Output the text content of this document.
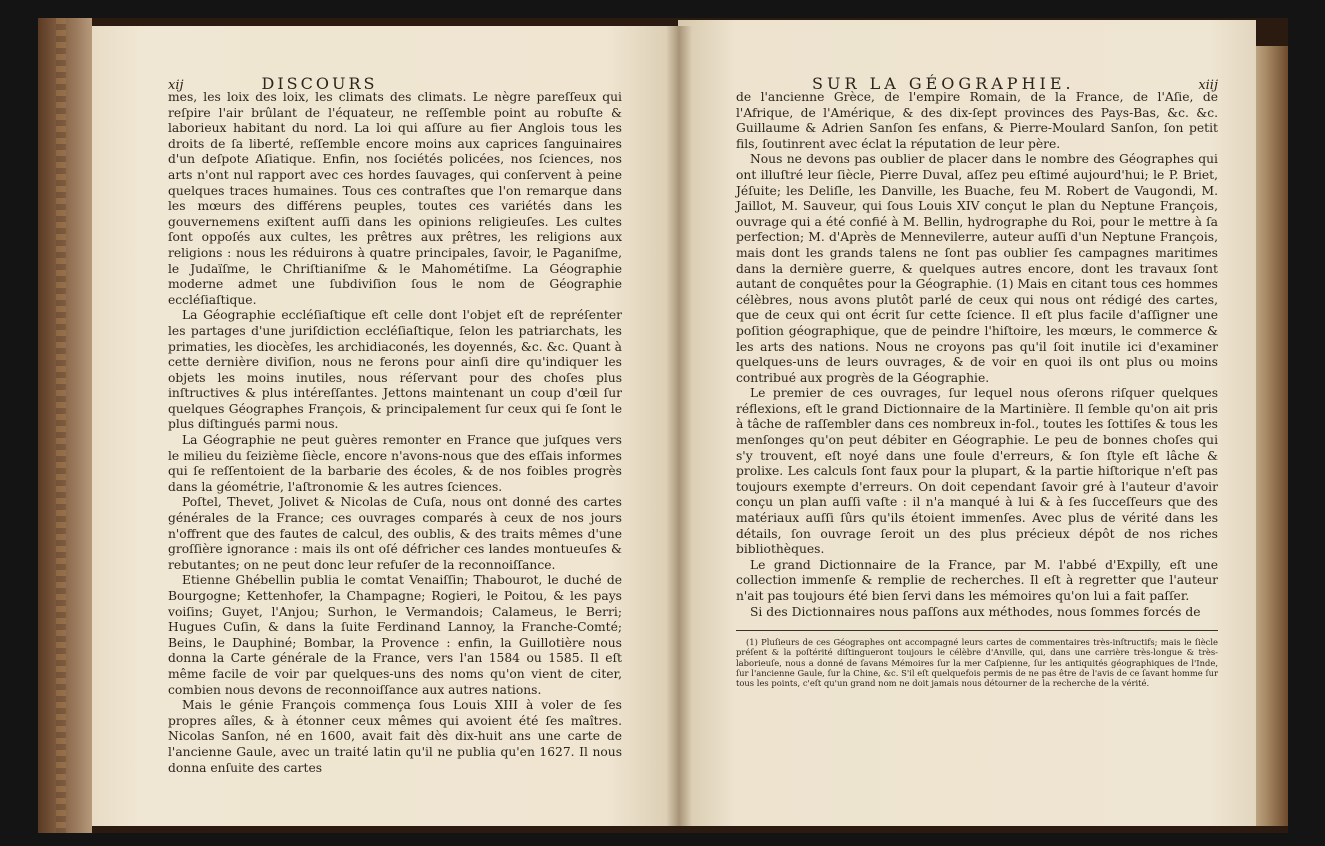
xij	DISCOURS

mes, les loix des loix, les climats des climats. Le nègre pareſſeux qui reſpire l'air brûlant de l'équateur, ne reſſemble point au robuſte & laborieux habitant du nord. La loi qui aſſure au fier Anglois tous les droits de ſa liberté, reſſemble encore moins aux caprices ſanguinaires d'un deſpote Aſiatique. Enfin, nos ſociétés policées, nos ſciences, nos arts n'ont nul rapport avec ces hordes ſauvages, qui conſervent à peine quelques traces humaines. Tous ces contraſtes que l'on remarque dans les mœurs des différens peuples, toutes ces variétés dans les gouvernemens exiſtent auſſi dans les opinions religieuſes. Les cultes ſont oppoſés aux cultes, les prêtres aux prêtres, les religions aux religions : nous les réduirons à quatre principales, ſavoir, le Paganiſme, le Judaïſme, le Chriſtianiſme & le Mahométiſme. La Géographie moderne admet une ſubdiviſion ſous le nom de Géographie eccléſiaſtique.

La Géographie eccléſiaſtique eſt celle dont l'objet eſt de repréſenter les partages d'une juriſdiction eccléſiaſtique, ſelon les patriarchats, les primaties, les diocèſes, les archidiaconés, les doyennés, &c. &c. Quant à cette dernière diviſion, nous ne ferons pour ainſi dire qu'indiquer les objets les moins inutiles, nous réſervant pour des choſes plus inſtructives & plus intéreſſantes. Jettons maintenant un coup d'œil ſur quelques Géographes François, & principalement ſur ceux qui ſe ſont le plus diſtingués parmi nous.

La Géographie ne peut guères remonter en France que juſques vers le milieu du ſeizième ſiècle, encore n'avons-nous que des eſſais informes qui ſe reſſentoient de la barbarie des écoles, & de nos foibles progrès dans la géométrie, l'aſtronomie & les autres ſciences.

Poſtel, Thevet, Jolivet & Nicolas de Cuſa, nous ont donné des cartes générales de la France; ces ouvrages comparés à ceux de nos jours n'offrent que des fautes de calcul, des oublis, & des traits mêmes d'une groſſière ignorance : mais ils ont oſé défricher ces landes montueuſes & rebutantes; on ne peut donc leur refuſer de la reconnoiſſance.

Etienne Ghébellin publia le comtat Venaiſſin; Thabourot, le duché de Bourgogne; Kettenhofer, la Champagne; Rogieri, le Poitou, & les pays voiſins; Guyet, l'Anjou; Surhon, le Vermandois; Calameus, le Berri; Hugues Cuſin, & dans la ſuite Ferdinand Lannoy, la Franche-Comté; Beins, le Dauphiné; Bombar, la Provence : enfin, la Guillotière nous donna la Carte générale de la France, vers l'an 1584 ou 1585. Il eſt même facile de voir par quelques-uns des noms qu'on vient de citer, combien nous devons de reconnoiſſance aux autres nations.

Mais le génie François commença ſous Louis XIII à voler de ſes propres aîles, & à étonner ceux mêmes qui avoient été ſes maîtres. Nicolas Sanſon, né en 1600, avait fait dès dix-huit ans une carte de l'ancienne Gaule, avec un traité latin qu'il ne publia qu'en 1627. Il nous donna enſuite des cartes

SUR LA GÉOGRAPHIE.	xiij

de l'ancienne Grèce, de l'empire Romain, de la France, de l'Aſie, de l'Afrique, de l'Amérique, & des dix-ſept provinces des Pays-Bas, &c. &c. Guillaume & Adrien Sanſon ſes enfans, & Pierre-Moulard Sanſon, ſon petit fils, ſoutinrent avec éclat la réputation de leur père.

Nous ne devons pas oublier de placer dans le nombre des Géographes qui ont illuſtré leur ſiècle, Pierre Duval, aſſez peu eſtimé aujourd'hui; le P. Briet, Jéſuite; les Deliſle, les Danville, les Buache, feu M. Robert de Vaugondi, M. Jaillot, M. Sauveur, qui ſous Louis XIV conçut le plan du Neptune François, ouvrage qui a été confié à M. Bellin, hydrographe du Roi, pour le mettre à ſa perfection; M. d'Après de Mennevilerre, auteur auſſi d'un Neptune François, mais dont les grands talens ne ſont pas oublier ſes campagnes maritimes dans la dernière guerre, & quelques autres encore, dont les travaux ſont autant de conquêtes pour la Géographie. (1) Mais en citant tous ces hommes célèbres, nous avons plutôt parlé de ceux qui nous ont rédigé des cartes, que de ceux qui ont écrit ſur cette ſcience. Il eſt plus facile d'aſſigner une poſition géographique, que de peindre l'hiſtoire, les mœurs, le commerce & les arts des nations. Nous ne croyons pas qu'il ſoit inutile ici d'examiner quelques-uns de leurs ouvrages, & de voir en quoi ils ont plus ou moins contribué aux progrès de la Géographie.

Le premier de ces ouvrages, ſur lequel nous oſerons riſquer quelques réflexions, eſt le grand Dictionnaire de la Martinière. Il ſemble qu'on ait pris à tâche de raſſembler dans ces nombreux in-fol., toutes les ſottiſes & tous les menſonges qu'on peut débiter en Géographie. Le peu de bonnes choſes qui s'y trouvent, eſt noyé dans une foule d'erreurs, & ſon ſtyle eſt lâche & prolixe. Les calculs ſont faux pour la plupart, & la partie hiſtorique n'eſt pas toujours exempte d'erreurs. On doit cependant ſavoir gré à l'auteur d'avoir conçu un plan auſſi vaſte : il n'a manqué à lui & à ſes ſucceſſeurs que des matériaux auſſi ſûrs qu'ils étoient immenſes. Avec plus de vérité dans les détails, ſon ouvrage ſeroit un des plus précieux dépôt de nos riches bibliothèques.

Le grand Dictionnaire de la France, par M. l'abbé d'Expilly, eſt une collection immenſe & remplie de recherches. Il eſt à regretter que l'auteur n'ait pas toujours été bien ſervi dans les mémoires qu'on lui a fait paſſer.

Si des Dictionnaires nous paſſons aux méthodes, nous ſommes forcés de

(1) Pluſieurs de ces Géographes ont accompagné leurs cartes de commentaires très-inſtructifs; mais le ſiècle préſent & la poſtérité diſtingueront toujours le célèbre d'Anville, qui, dans une carrière très-longue & très-laborieuſe, nous a donné de ſavans Mémoires ſur la mer Caſpienne, ſur les antiquités géographiques de l'Inde, ſur l'ancienne Gaule, ſur la Chine, &c. S'il eſt quelquefois permis de ne pas être de l'avis de ce ſavant homme ſur tous les points, c'eſt qu'un grand nom ne doit jamais nous détourner de la recherche de la vérité.
